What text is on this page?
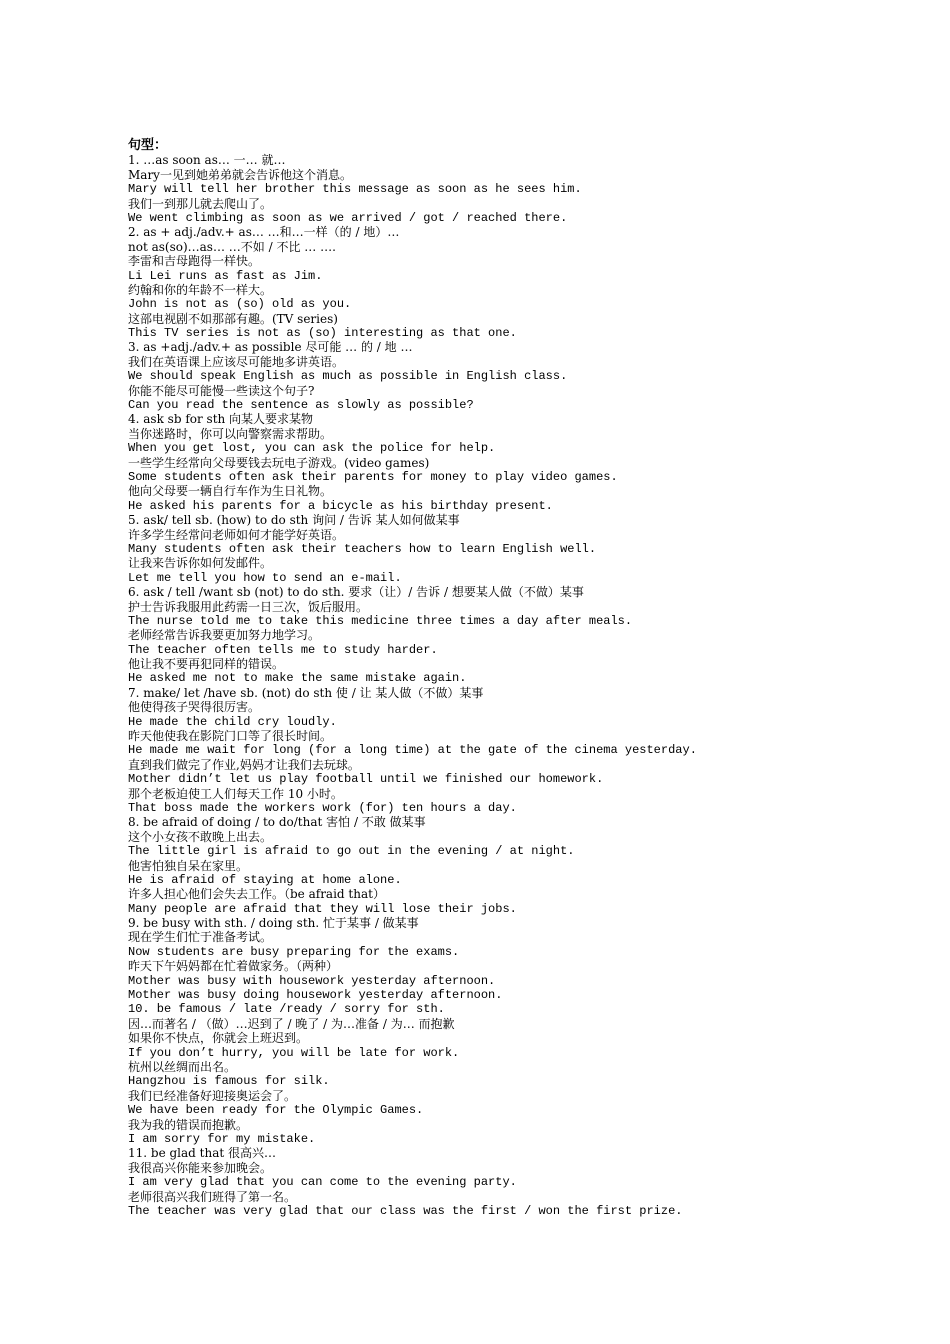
句型：
1. …as soon as… 一… 就…
Mary一见到她弟弟就会告诉他这个消息。
Mary will tell her brother this message as soon as he sees him.
我们一到那儿就去爬山了。
We went climbing as soon as we arrived / got / reached there.
2. as + adj./adv.+ as… …和…一样（的 / 地）…
not as(so)…as… …不如 / 不比 … ….
李雷和吉母跑得一样快。
Li Lei runs as fast as Jim.
约翰和你的年龄不一样大。
John is not as (so) old as you.
这部电视剧不如那部有趣。(TV series)
This TV series is not as (so) interesting as that one.
3. as +adj./adv.+ as possible 尽可能 … 的 / 地 …
我们在英语课上应该尽可能地多讲英语。
We should speak English as much as possible in English class.
你能不能尽可能慢一些读这个句子?
Can you read the sentence as slowly as possible?
4. ask sb for sth 向某人要求某物
当你迷路时，你可以向警察需求帮助。
When you get lost, you can ask the police for help.
一些学生经常向父母要钱去玩电子游戏。(video games)
Some students often ask their parents for money to play video games.
他向父母要一辆自行车作为生日礼物。
He asked his parents for a bicycle as his birthday present.
5. ask/ tell sb. (how) to do sth 询问 / 告诉 某人如何做某事
许多学生经常问老师如何才能学好英语。
Many students often ask their teachers how to learn English well.
让我来告诉你如何发邮件。
Let me tell you how to send an e-mail.
6. ask / tell /want sb (not) to do sth. 要求（让）/ 告诉 / 想要某人做（不做）某事
护士告诉我服用此药需一日三次，饭后服用。
The nurse told me to take this medicine three times a day after meals.
老师经常告诉我要更加努力地学习。
The teacher often tells me to study harder.
他让我不要再犯同样的错误。
He asked me not to make the same mistake again.
7. make/ let /have sb. (not) do sth 使 / 让 某人做（不做）某事
他使得孩子哭得很厉害。
He made the child cry loudly.
昨天他使我在影院门口等了很长时间。
He made me wait for long (for a long time) at the gate of the cinema yesterday.
直到我们做完了作业,妈妈才让我们去玩球。
Mother didn’t let us play football until we finished our homework.
那个老板迫使工人们每天工作 10 小时。
That boss made the workers work (for) ten hours a day.
8. be afraid of doing / to do/that 害怕 / 不敢 做某事
这个小女孩不敢晚上出去。
The little girl is afraid to go out in the evening / at night.
他害怕独自呆在家里。
He is afraid of staying at home alone.
许多人担心他们会失去工作。（be afraid that）
Many people are afraid that they will lose their jobs.
9. be busy with sth. / doing sth. 忙于某事 / 做某事
现在学生们忙于准备考试。
Now students are busy preparing for the exams.
昨天下午妈妈都在忙着做家务。（两种）
Mother was busy with housework yesterday afternoon.
Mother was busy doing housework yesterday afternoon.
10. be famous / late /ready / sorry for sth.
因…而著名 / （做）…迟到了 / 晚了 / 为…准备 / 为… 而抱歉
如果你不快点，你就会上班迟到。
If you don’t hurry, you will be late for work.
杭州以丝绸而出名。
Hangzhou is famous for silk.
我们已经准备好迎接奥运会了。
We have been ready for the Olympic Games.
我为我的错误而抱歉。
I am sorry for my mistake.
11. be glad that 很高兴…
我很高兴你能来参加晚会。
I am very glad that you can come to the evening party.
老师很高兴我们班得了第一名。
The teacher was very glad that our class was the first / won the first prize.
